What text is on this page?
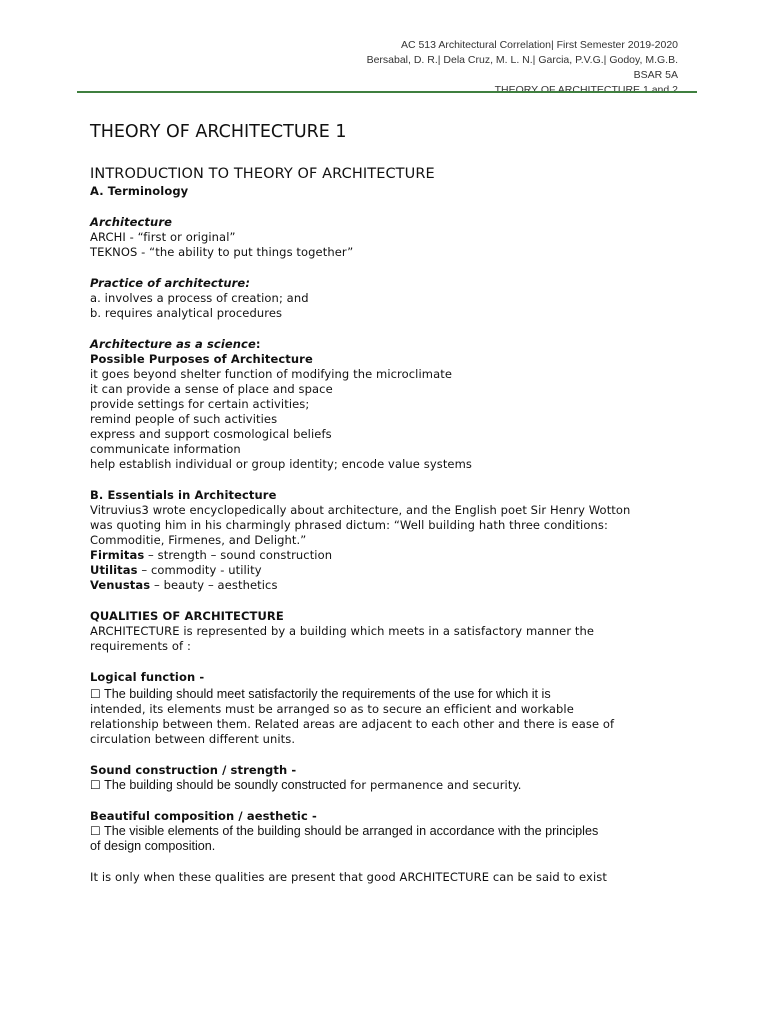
AC 513 Architectural Correlation| First Semester 2019-2020
Bersabal, D. R.| Dela Cruz, M. L. N.| Garcia, P.V.G.| Godoy, M.G.B.
BSAR 5A
THEORY OF ARCHITECTURE 1 and 2
THEORY OF ARCHITECTURE 1
INTRODUCTION TO THEORY OF ARCHITECTURE

A. Terminology

Architecture

ARCHI - “first or original”

TEKNOS - “the ability to put things together”

Practice of architecture:

a. involves a process of creation; and

b. requires analytical procedures

Architecture as a science:

Possible Purposes of Architecture

it goes beyond shelter function of modifying the microclimate

it can provide a sense of place and space

provide settings for certain activities;

remind people of such activities

express and support cosmological beliefs

communicate information

help establish individual or group identity; encode value systems

B. Essentials in Architecture

Vitruvius3 wrote encyclopedically about architecture, and the English poet Sir Henry Wotton

was quoting him in his charmingly phrased dictum: “Well building hath three conditions:

Commoditie, Firmenes, and Delight.”

Firmitas – strength – sound construction

Utilitas – commodity - utility

Venustas – beauty – aesthetics

QUALITIES OF ARCHITECTURE

ARCHITECTURE is represented by a building which meets in a satisfactory manner the

requirements of :

Logical function -

☐ The building should meet satisfactorily the requirements of the use for which it is

intended, its elements must be arranged so as to secure an efficient and workable

relationship between them. Related areas are adjacent to each other and there is ease of

circulation between different units.

Sound construction / strength -

☐ The building should be soundly constructed for permanence and security.

Beautiful composition / aesthetic -

☐ The visible elements of the building should be arranged in accordance with the principles

of design composition.

It is only when these qualities are present that good ARCHITECTURE can be said to exist
